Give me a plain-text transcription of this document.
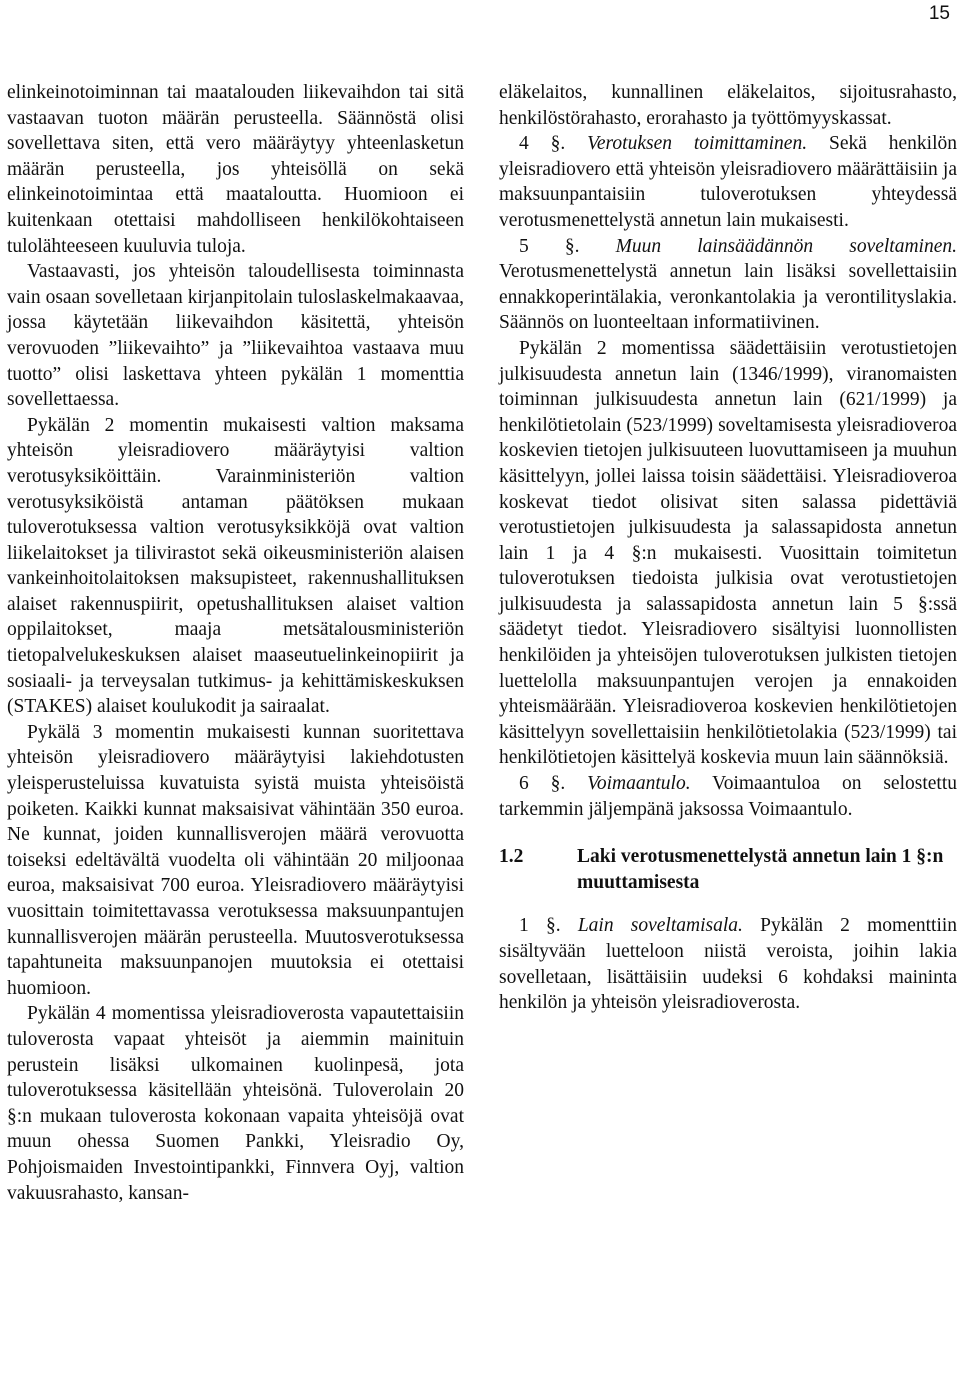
15

elinkeinotoiminnan tai maatalouden liikevaihdon tai sitä vastaavan tuoton määrän perusteella. Säännöstä olisi sovellettava siten, että vero määräytyy yhteenlasketun määrän perusteella, jos yhteisöllä on sekä elinkeinotoimintaa että maataloutta. Huomioon ei kuitenkaan otettaisi mahdolliseen henkilökohtaiseen tulolähteeseen kuuluvia tuloja.

Vastaavasti, jos yhteisön taloudellisesta toiminnasta vain osaan sovelletaan kirjanpitolain tuloslaskelmakaavaa, jossa käytetään liikevaihdon käsitettä, yhteisön verovuoden ”liikevaihto” ja ”liikevaihtoa vastaava muu tuotto” olisi laskettava yhteen pykälän 1 momenttia sovellettaessa.

Pykälän 2 momentin mukaisesti valtion maksama yhteisön yleisradiovero määräytyisi valtion verotusyksiköittäin. Varainministeriön valtion verotusyksiköistä antaman päätöksen mukaan tuloverotuksessa valtion verotusyksikköjä ovat valtion liikelaitokset ja tilivirastot sekä oikeusministeriön alaisen vankeinhoitolaitoksen maksupisteet, rakennushallituksen alaiset rakennuspiirit, opetushallituksen alaiset valtion oppilaitokset, maaja metsätalousministeriön tietopalvelukeskuksen alaiset maaseutuelinkeinopiirit ja sosiaali- ja terveysalan tutkimus- ja kehittämiskeskuksen (STAKES) alaiset koulukodit ja sairaalat.

Pykälä 3 momentin mukaisesti kunnan suoritettava yhteisön yleisradiovero määräytyisi lakiehdotusten yleisperusteluissa kuvatuista syistä muista yhteisöistä poiketen. Kaikki kunnat maksaisivat vähintään 350 euroa. Ne kunnat, joiden kunnallisverojen määrä verovuotta toiseksi edeltävältä vuodelta oli vähintään 20 miljoonaa euroa, maksaisivat 700 euroa. Yleisradiovero määräytyisi vuosittain toimitettavassa verotuksessa maksuunpantujen kunnallisverojen määrän perusteella. Muutosverotuksessa tapahtuneita maksuunpanojen muutoksia ei otettaisi huomioon.

Pykälän 4 momentissa yleisradioverosta vapautettaisiin tuloverosta vapaat yhteisöt ja aiemmin mainituin perustein lisäksi ulkomainen kuolinpesä, jota tuloverotuksessa käsitellään yhteisönä. Tuloverolain 20 §:n mukaan tuloverosta kokonaan vapaita yhteisöjä ovat muun ohessa Suomen Pankki, Yleisradio Oy, Pohjoismaiden Investointipankki, Finnvera Oyj, valtion vakuusrahasto, kansan-

eläkelaitos, kunnallinen eläkelaitos, sijoitusrahasto, henkilöstörahasto, erorahasto ja työttömyyskassat.

4 §. Verotuksen toimittaminen. Sekä henkilön yleisradiovero että yhteisön yleisradiovero määrättäisiin ja maksuunpantaisiin tuloverotuksen yhteydessä verotusmenettelystä annetun lain mukaisesti.

5 §. Muun lainsäädännön soveltaminen. Verotusmenettelystä annetun lain lisäksi sovellettaisiin ennakkoperintälakia, veronkantolakia ja verontilityslakia. Säännös on luonteeltaan informatiivinen.

Pykälän 2 momentissa säädettäisiin verotustietojen julkisuudesta annetun lain (1346/1999), viranomaisten toiminnan julkisuudesta annetun lain (621/1999) ja henkilötietolain (523/1999) soveltamisesta yleisradioveroa koskevien tietojen julkisuuteen luovuttamiseen ja muuhun käsittelyyn, jollei laissa toisin säädettäisi. Yleisradioveroa koskevat tiedot olisivat siten salassa pidettäviä verotustietojen julkisuudesta ja salassapidosta annetun lain 1 ja 4 §:n mukaisesti. Vuosittain toimitetun tuloverotuksen tiedoista julkisia ovat verotustietojen julkisuudesta ja salassapidosta annetun lain 5 §:ssä säädetyt tiedot. Yleisradiovero sisältyisi luonnollisten henkilöiden ja yhteisöjen tuloverotuksen julkisten tietojen luettelolla maksuunpantujen verojen ja ennakoiden yhteismäärään. Yleisradioveroa koskevien henkilötietojen käsittelyyn sovellettaisiin henkilötietolakia (523/1999) tai henkilötietojen käsittelyä koskevia muun lain säännöksiä.

6 §. Voimaantulo. Voimaantuloa on selostettu tarkemmin jäljempänä jaksossa Voimaantulo.

1.2	Laki verotusmenettelystä annetun lain 1 §:n muuttamisesta

1 §. Lain soveltamisala. Pykälän 2 momenttiin sisältyvään luetteloon niistä veroista, joihin lakia sovelletaan, lisättäisiin uudeksi 6 kohdaksi maininta henkilön ja yhteisön yleisradioverosta.
